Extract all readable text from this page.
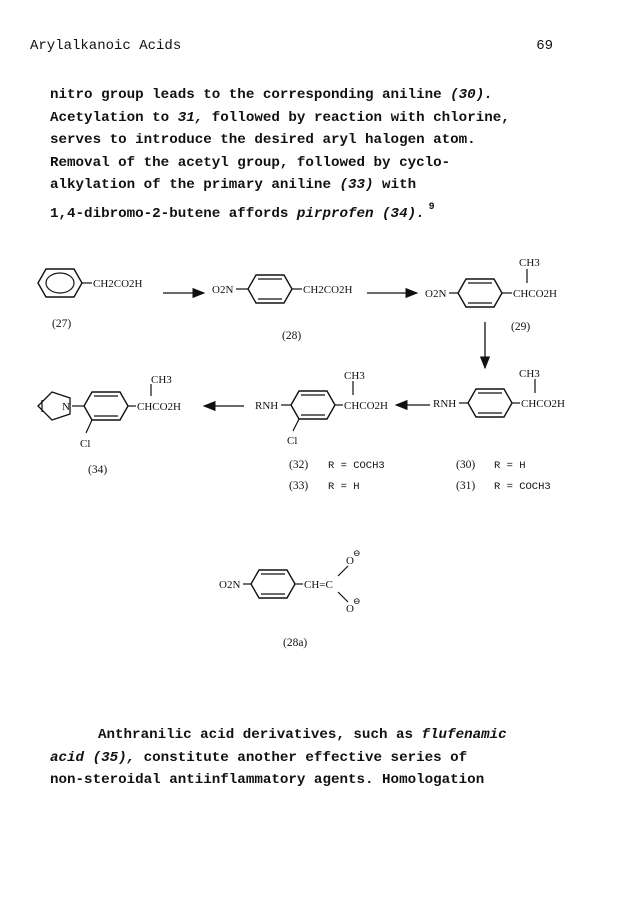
Arylalkanoic Acids	69
nitro group leads to the corresponding aniline (30).
Acetylation to 31, followed by reaction with chlorine,
serves to introduce the desired aryl halogen atom.
Removal of the acetyl group, followed by cyclo-
alkylation of the primary aniline (33) with
1,4-dibromo-2-butene affords pirprofen (34). $^9$
CH2CO2H
(27)
O2N	CH2CO2H
(28)
O2N	CHCO2H
CH3
(29)
RNH	CHCO2H
CH3
(30) R = H
(31) R = COCH3
RNH	CHCO2H
CH3
Cl
(32) R = COCH3
(33) R = H
N	CHCO2H
CH3
Cl
(34)
O2N	CH=C
O
⊖
O
⊖
(28a)
Anthranilic acid derivatives, such as flufenamic
acid (35), constitute another effective series of
non-steroidal antiinflammatory agents. Homologation
